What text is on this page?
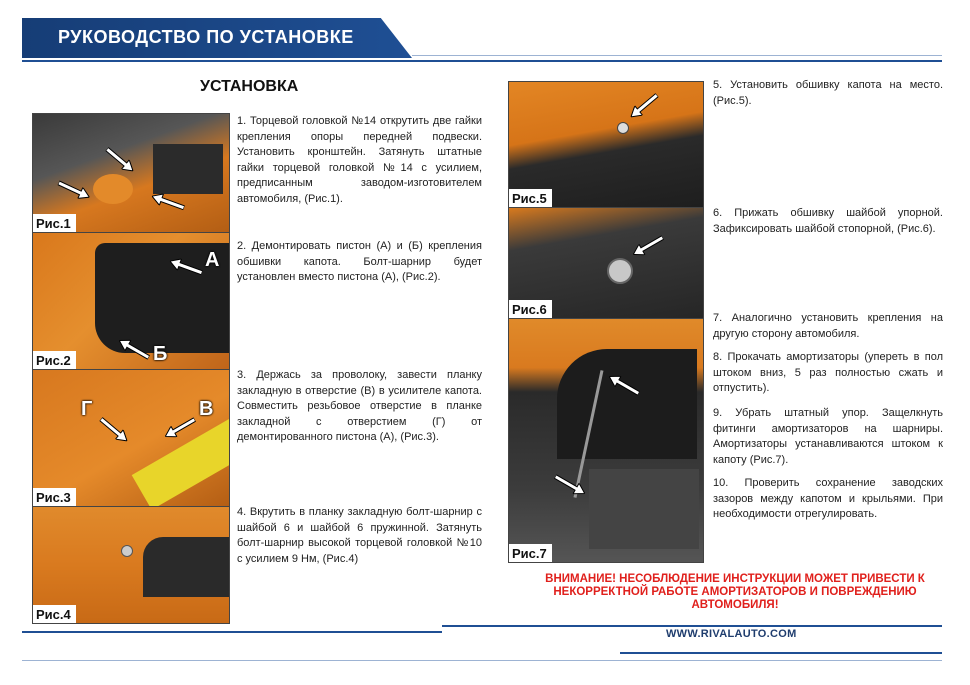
РУКОВОДСТВО ПО УСТАНОВКЕ
УСТАНОВКА
Рис.1
А
Б
Рис.2
Г	В
Рис.3
Рис.4
1. Торцевой головкой №14 открутить две гайки крепления опоры передней подвески. Установить кронштейн. Затянуть штатные гайки торцевой головкой №14 с усилием, предписанным заводом-изготовителем автомобиля, (Рис.1).
2. Демонтировать пистон (А) и (Б) крепления обшивки капота. Болт-шарнир будет установлен вместо пистона (А), (Рис.2).
3. Держась за проволоку, завести планку закладную в отверстие (В) в усилителе капота. Совместить резьбовое отверстие в планке закладной с отверстием (Г) от демонтированного пистона (А), (Рис.3).
4. Вкрутить в планку закладную болт-шарнир с шайбой 6 и шайбой 6 пружинной. Затянуть болт-шарнир высокой торцевой головкой №10 с усилием 9 Нм, (Рис.4)
Рис.5
Рис.6
Рис.7
5. Установить обшивку капота на место. (Рис.5).
6. Прижать обшивку шайбой упорной. Зафиксировать шайбой стопорной, (Рис.6).
7. Аналогично установить крепления на другую сторону автомобиля.
8. Прокачать амортизаторы (упереть в пол штоком вниз, 5 раз полностью сжать и отпустить).
9. Убрать штатный упор. Защелкнуть фитинги амортизаторов на шарниры. Амортизаторы устанавливаются штоком к капоту (Рис.7).
10. Проверить сохранение заводских зазоров между капотом и крыльями. При необходимости отрегулировать.
ВНИМАНИЕ! НЕСОБЛЮДЕНИЕ ИНСТРУКЦИИ МОЖЕТ ПРИВЕСТИ К НЕКОРРЕКТНОЙ РАБОТЕ АМОРТИЗАТОРОВ И ПОВРЕЖДЕНИЮ АВТОМОБИЛЯ!
WWW.RIVALAUTO.COM
